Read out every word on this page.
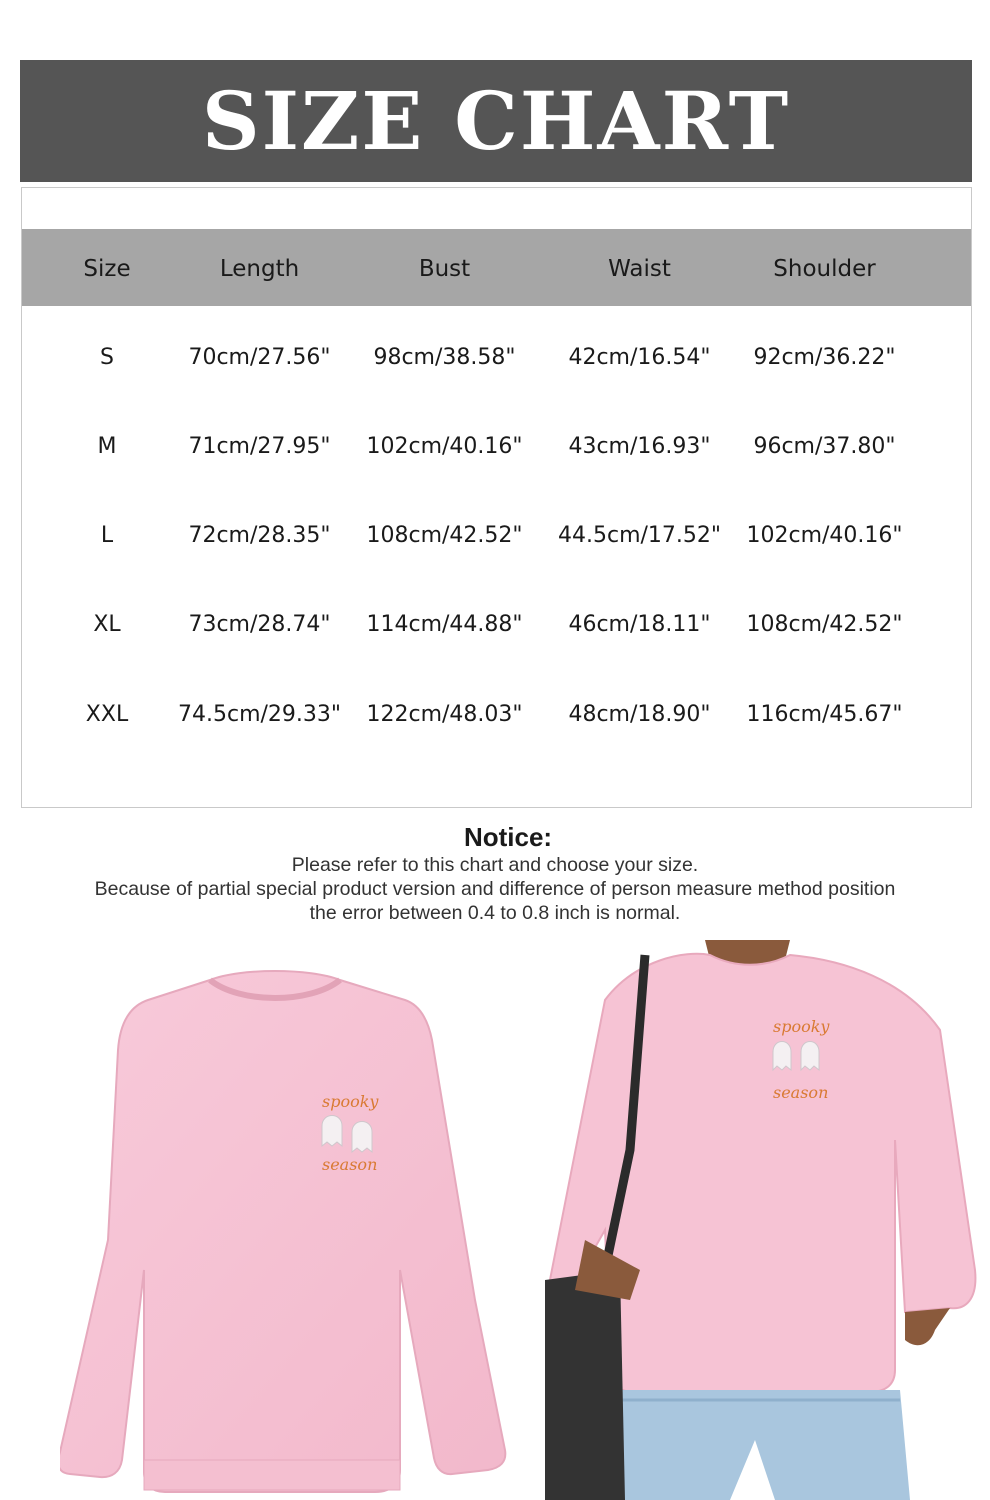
SIZE CHART
Size	Length	Bust	Waist	Shoulder
S	70cm/27.56"	98cm/38.58"	42cm/16.54"	92cm/36.22"
M	71cm/27.95"	102cm/40.16"	43cm/16.93"	96cm/37.80"
L	72cm/28.35"	108cm/42.52"	44.5cm/17.52"	102cm/40.16"
XL	73cm/28.74"	114cm/44.88"	46cm/18.11"	108cm/42.52"
XXL	74.5cm/29.33"	122cm/48.03"	48cm/18.90"	116cm/45.67"
Notice:
Please refer to this chart and choose your size.
Because of partial special product version and difference of person measure method position
the error between 0.4 to 0.8 inch is normal.
spooky
season
spooky
season
